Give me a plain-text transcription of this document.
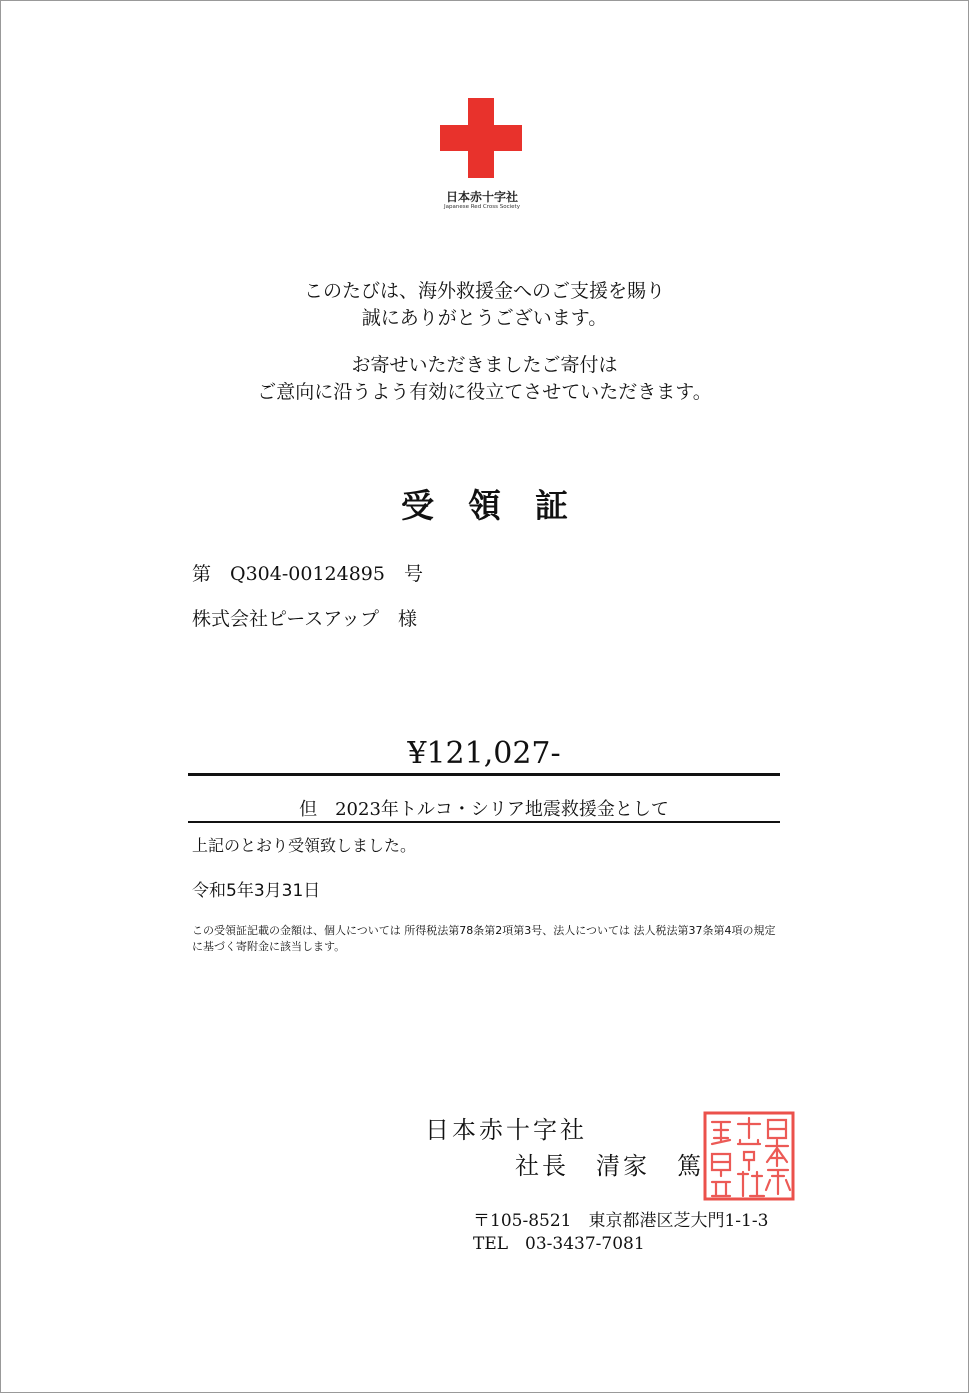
日本赤十字社
Japanese Red Cross Society
このたびは、海外救援金へのご支援を賜り
誠にありがとうございます。
お寄せいただきましたご寄付は
ご意向に沿うよう有効に役立てさせていただきます。
受領証
第　Q304-00124895　号
株式会社ピースアップ　様
¥121,027-
但　2023年トルコ・シリア地震救援金として
上記のとおり受領致しました。
令和5年3月31日
この受領証記載の金額は、個人については 所得税法第78条第2項第3号、法人については 法人税法第37条第4項の規定に基づく寄附金に該当します。
日本赤十字社
社長　清家　篤
〒105-8521　東京都港区芝大門1-1-3
TEL　03-3437-7081
